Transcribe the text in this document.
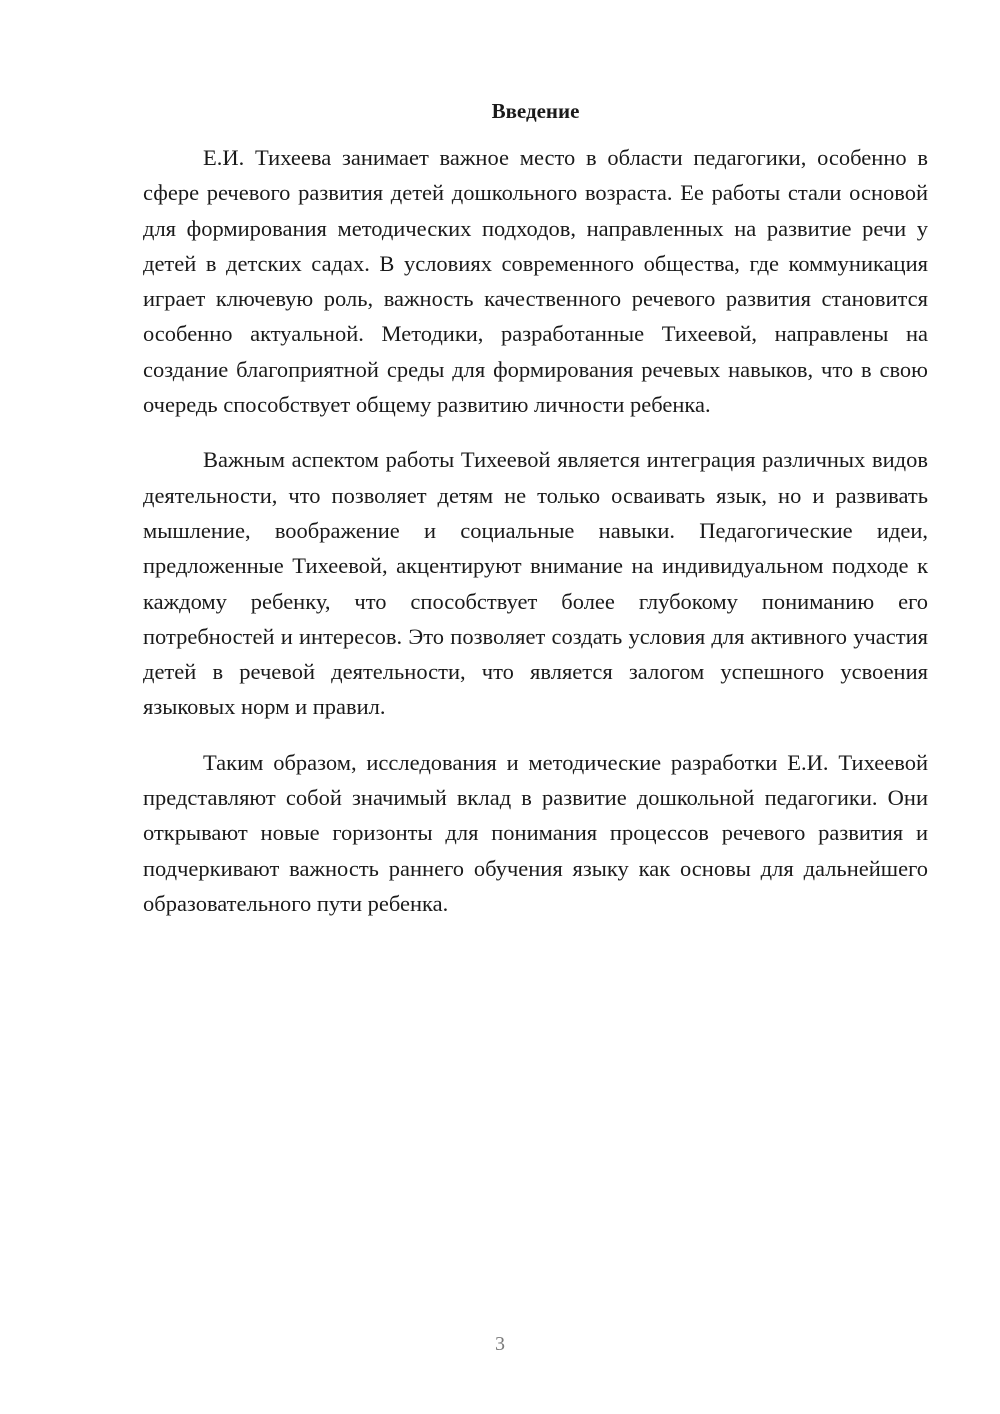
Введение

Е.И. Тихеева занимает важное место в области педагогики, особенно в сфере речевого развития детей дошкольного возраста. Ее работы стали основой для формирования методических подходов, направленных на развитие речи у детей в детских садах. В условиях современного общества, где коммуникация играет ключевую роль, важность качественного речевого развития становится особенно актуальной. Методики, разработанные Тихеевой, направлены на создание благоприятной среды для формирования речевых навыков, что в свою очередь способствует общему развитию личности ребенка.

Важным аспектом работы Тихеевой является интеграция различных видов деятельности, что позволяет детям не только осваивать язык, но и развивать мышление, воображение и социальные навыки. Педагогические идеи, предложенные Тихеевой, акцентируют внимание на индивидуальном подходе к каждому ребенку, что способствует более глубокому пониманию его потребностей и интересов. Это позволяет создать условия для активного участия детей в речевой деятельности, что является залогом успешного усвоения языковых норм и правил.

Таким образом, исследования и методические разработки Е.И. Тихеевой представляют собой значимый вклад в развитие дошкольной педагогики. Они открывают новые горизонты для понимания процессов речевого развития и подчеркивают важность раннего обучения языку как основы для дальнейшего образовательного пути ребенка.

3
